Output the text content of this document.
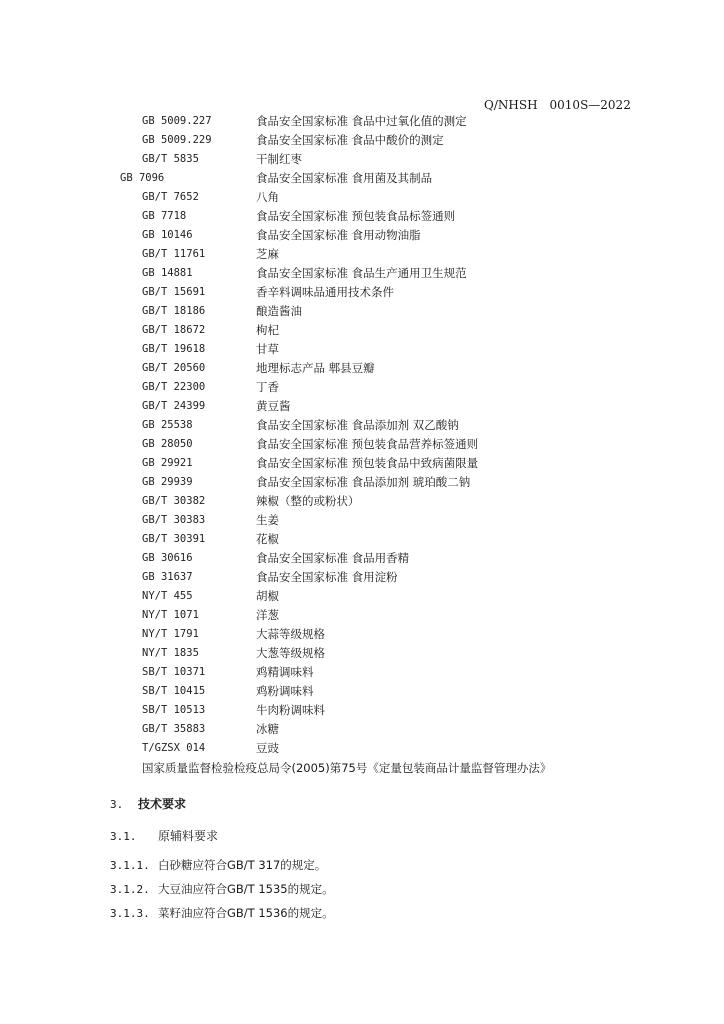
Q/NHSH　0010S—2022
GB 5009.227	食品安全国家标准 食品中过氧化值的测定
GB 5009.229	食品安全国家标准 食品中酸价的测定
GB/T 5835	干制红枣
GB 7096	食品安全国家标准 食用菌及其制品
GB/T 7652	八角
GB 7718	食品安全国家标准 预包装食品标签通则
GB 10146	食品安全国家标准 食用动物油脂
GB/T 11761	芝麻
GB 14881	食品安全国家标准 食品生产通用卫生规范
GB/T 15691	香辛料调味品通用技术条件
GB/T 18186	酿造酱油
GB/T 18672	枸杞
GB/T 19618	甘草
GB/T 20560	地理标志产品 郫县豆瓣
GB/T 22300	丁香
GB/T 24399	黄豆酱
GB 25538	食品安全国家标准 食品添加剂 双乙酸钠
GB 28050	食品安全国家标准 预包装食品营养标签通则
GB 29921	食品安全国家标准 预包装食品中致病菌限量
GB 29939	食品安全国家标准 食品添加剂 琥珀酸二钠
GB/T 30382	辣椒（整的或粉状）
GB/T 30383	生姜
GB/T 30391	花椒
GB 30616	食品安全国家标准 食品用香精
GB 31637	食品安全国家标准 食用淀粉
NY/T 455	胡椒
NY/T 1071	洋葱
NY/T 1791	大蒜等级规格
NY/T 1835	大葱等级规格
SB/T 10371	鸡精调味料
SB/T 10415	鸡粉调味料
SB/T 10513	牛肉粉调味料
GB/T 35883	冰糖
T/GZSX 014	豆豉
国家质量监督检验检疫总局令(2005)第75号《定量包装商品计量监督管理办法》
3. 技术要求
3.1. 原辅料要求
3.1.1. 白砂糖应符合GB/T 317的规定。
3.1.2. 大豆油应符合GB/T 1535的规定。
3.1.3. 菜籽油应符合GB/T 1536的规定。
